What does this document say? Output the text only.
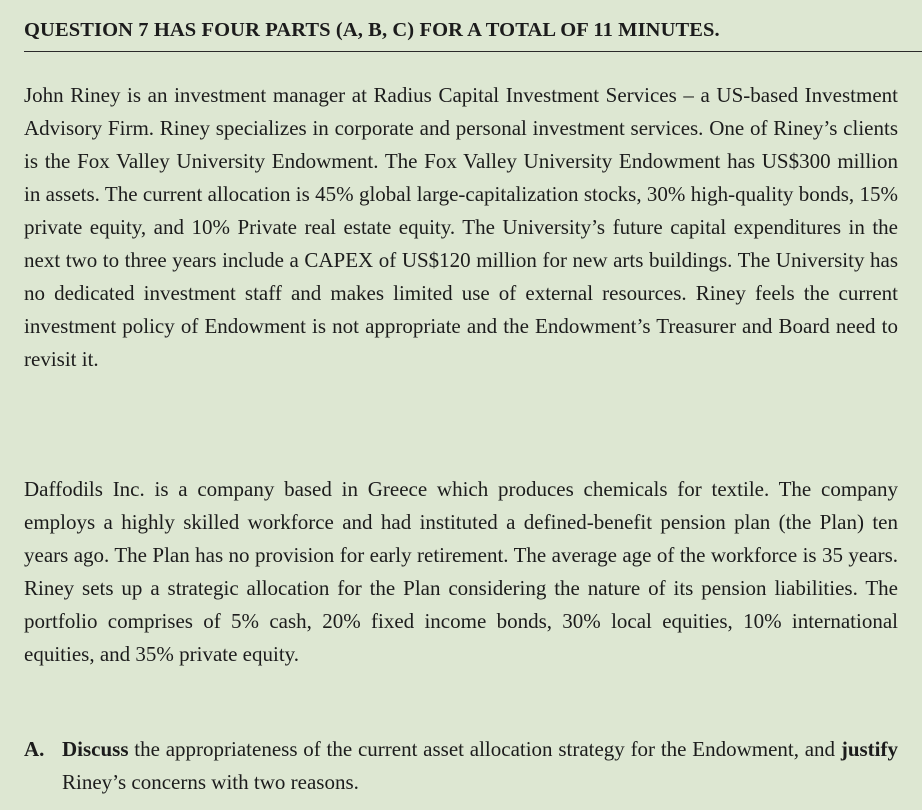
QUESTION 7 HAS FOUR PARTS (A, B, C) FOR A TOTAL OF 11 MINUTES.

John Riney is an investment manager at Radius Capital Investment Services – a US-based Investment Advisory Firm. Riney specializes in corporate and personal investment services. One of Riney’s clients is the Fox Valley University Endowment. The Fox Valley University Endowment has US$300 million in assets. The current allocation is 45% global large-capitalization stocks, 30% high-quality bonds, 15% private equity, and 10% Private real estate equity. The University’s future capital expenditures in the next two to three years include a CAPEX of US$120 million for new arts buildings. The University has no dedicated investment staff and makes limited use of external resources. Riney feels the current investment policy of Endowment is not appropriate and the Endowment’s Treasurer and Board need to revisit it.

Daffodils Inc. is a company based in Greece which produces chemicals for textile. The company employs a highly skilled workforce and had instituted a defined-benefit pension plan (the Plan) ten years ago. The Plan has no provision for early retirement. The average age of the workforce is 35 years. Riney sets up a strategic allocation for the Plan considering the nature of its pension liabilities. The portfolio comprises of 5% cash, 20% fixed income bonds, 30% local equities, 10% international equities, and 35% private equity.

A. Discuss the appropriateness of the current asset allocation strategy for the Endowment, and justify Riney’s concerns with two reasons.
